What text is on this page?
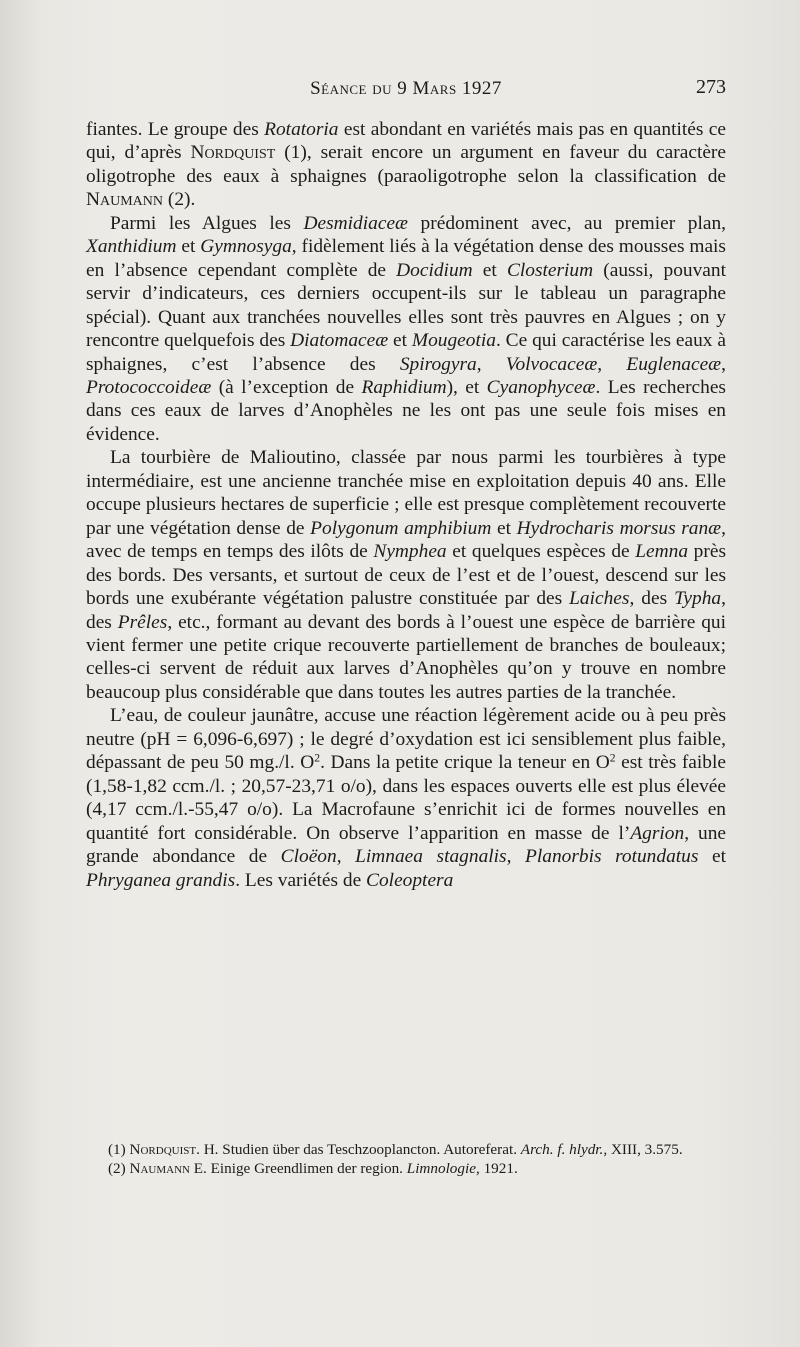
Séance du 9 Mars 1927	273

fiantes. Le groupe des Rotatoria est abondant en variétés mais pas en quantités ce qui, d’après Nordquist (1), serait encore un argument en faveur du caractère oligotrophe des eaux à sphaignes (paraoligotrophe selon la classification de Naumann (2).

Parmi les Algues les Desmidiaceæ prédominent avec, au premier plan, Xanthidium et Gymnosyga, fidèlement liés à la végétation dense des mousses mais en l’absence cependant complète de Docidium et Closterium (aussi, pouvant servir d’indicateurs, ces derniers occupent-ils sur le tableau un paragraphe spécial). Quant aux tranchées nouvelles elles sont très pauvres en Algues ; on y rencontre quelquefois des Diatomaceæ et Mougeotia. Ce qui caractérise les eaux à sphaignes, c’est l’absence des Spirogyra, Volvocaceæ, Euglenaceæ, Protococcoideæ (à l’exception de Raphidium), et Cyanophyceæ. Les recherches dans ces eaux de larves d’Anophèles ne les ont pas une seule fois mises en évidence.

La tourbière de Malioutino, classée par nous parmi les tourbières à type intermédiaire, est une ancienne tranchée mise en exploitation depuis 40 ans. Elle occupe plusieurs hectares de superficie ; elle est presque complètement recouverte par une végétation dense de Polygonum amphibium et Hydrocharis morsus ranæ, avec de temps en temps des ilôts de Nymphea et quelques espèces de Lemna près des bords. Des versants, et surtout de ceux de l’est et de l’ouest, descend sur les bords une exubérante végétation palustre constituée par des Laiches, des Typha, des Prêles, etc., formant au devant des bords à l’ouest une espèce de barrière qui vient fermer une petite crique recouverte partiellement de branches de bouleaux; celles-ci servent de réduit aux larves d’Anophèles qu’on y trouve en nombre beaucoup plus considérable que dans toutes les autres parties de la tranchée.

L’eau, de couleur jaunâtre, accuse une réaction légèrement acide ou à peu près neutre (pH = 6,096-6,697) ; le degré d’oxydation est ici sensiblement plus faible, dépassant de peu 50 mg./l. $O^2$. Dans la petite crique la teneur en $O^2$ est très faible (1,58-1,82 ccm./l. ; 20,57-23,71 o/o), dans les espaces ouverts elle est plus élevée (4,17 ccm./l.-55,47 o/o). La Macrofaune s’enrichit ici de formes nouvelles en quantité fort considérable. On observe l’apparition en masse de l’Agrion, une grande abondance de Cloëon, Limnaea stagnalis, Planorbis rotundatus et Phryganea grandis. Les variétés de Coleoptera

(1) Nordquist. H. Studien über das Teschzooplancton. Autoreferat. Arch. f. hlydr., XIII, 3.575.

(2) Naumann E. Einige Greendlimen der region. Limnologie, 1921.
